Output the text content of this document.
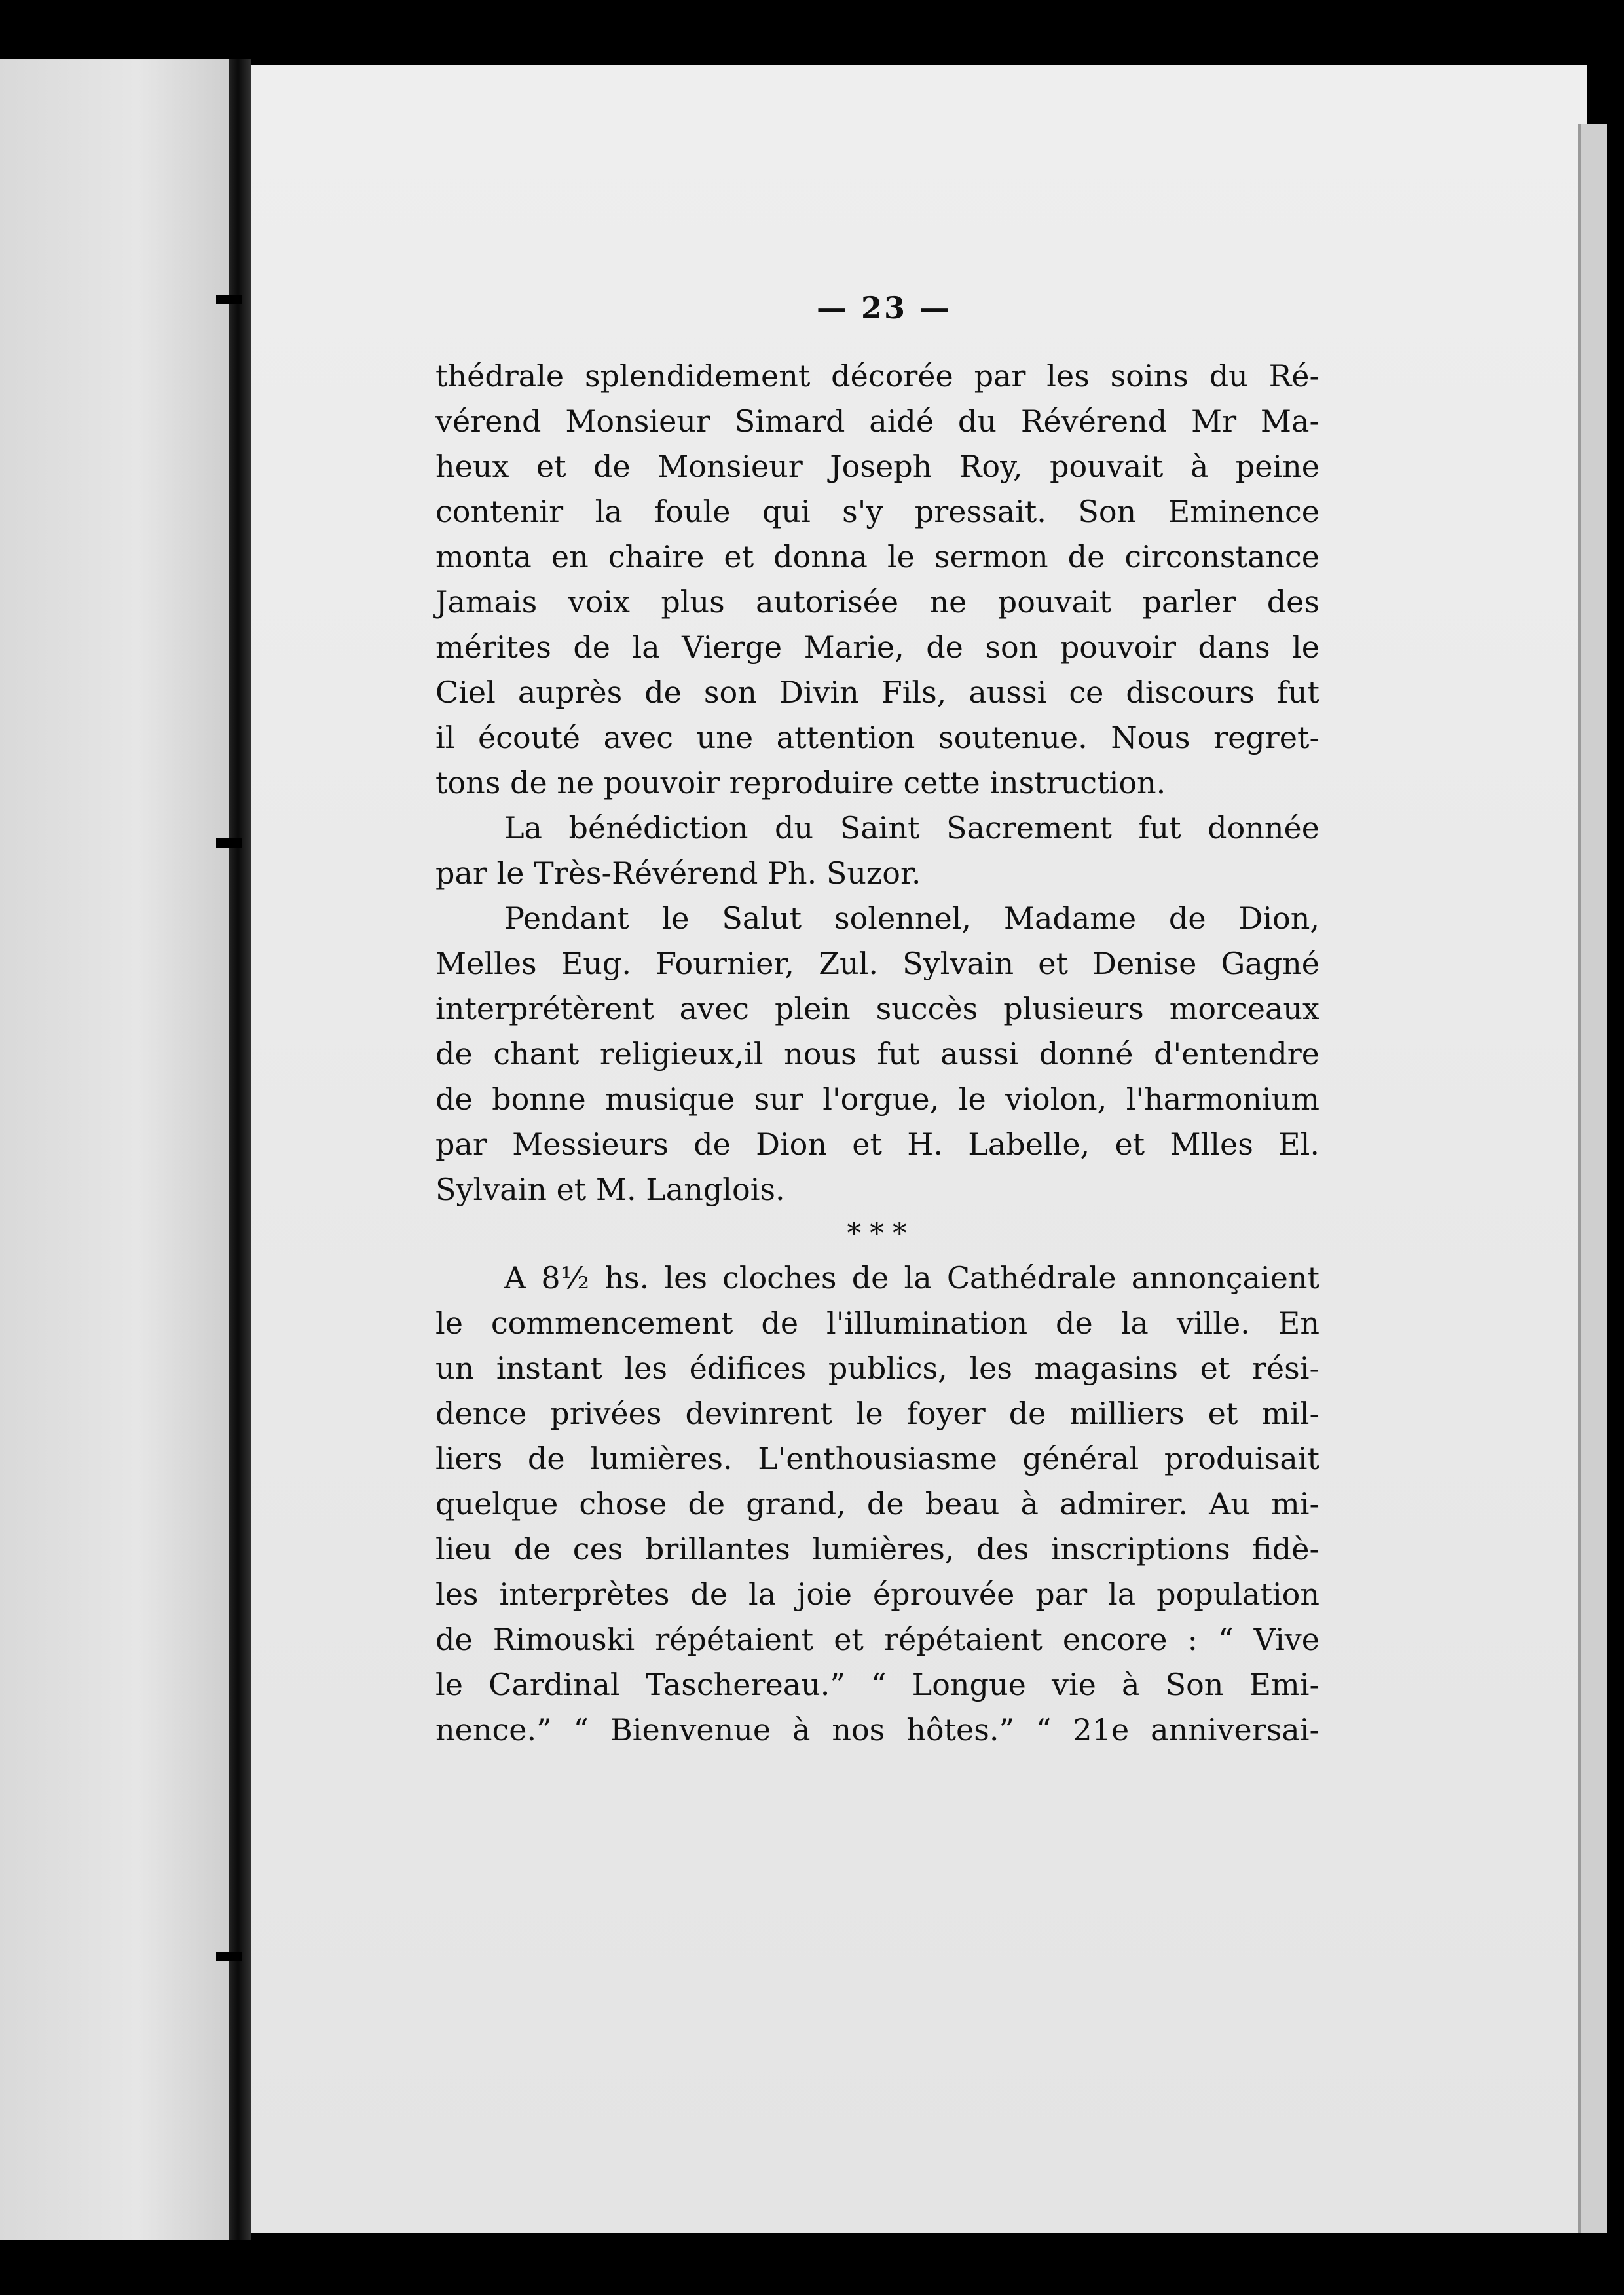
— 23 —
thédrale splendidement décorée par les soins du Ré-
vérend Monsieur Simard aidé du Révérend Mr Ma-
heux et de Monsieur Joseph Roy, pouvait à peine
contenir la foule qui s'y pressait. Son Eminence
monta en chaire et donna le sermon de circonstance
Jamais voix plus autorisée ne pouvait parler des
mérites de la Vierge Marie, de son pouvoir dans le
Ciel auprès de son Divin Fils, aussi ce discours fut
il écouté avec une attention soutenue. Nous regret-
tons de ne pouvoir reproduire cette instruction.
La bénédiction du Saint Sacrement fut donnée
par le Très-Révérend Ph. Suzor.
Pendant le Salut solennel, Madame de Dion,
Melles Eug. Fournier, Zul. Sylvain et Denise Gagné
interprétèrent avec plein succès plusieurs morceaux
de chant religieux,il nous fut aussi donné d'entendre
de bonne musique sur l'orgue, le violon, l'harmonium
par Messieurs de Dion et H. Labelle, et Mlles El.
Sylvain et M. Langlois.
* * *
A 8½ hs. les cloches de la Cathédrale annonçaient
le commencement de l'illumination de la ville. En
un instant les édifices publics, les magasins et rési-
dence privées devinrent le foyer de milliers et mil-
liers de lumières. L'enthousiasme général produisait
quelque chose de grand, de beau à admirer. Au mi-
lieu de ces brillantes lumières, des inscriptions fidè-
les interprètes de la joie éprouvée par la population
de Rimouski répétaient et répétaient encore : “ Vive
le Cardinal Taschereau.” “ Longue vie à Son Emi-
nence.” “ Bienvenue à nos hôtes.” “ 21e anniversai-
